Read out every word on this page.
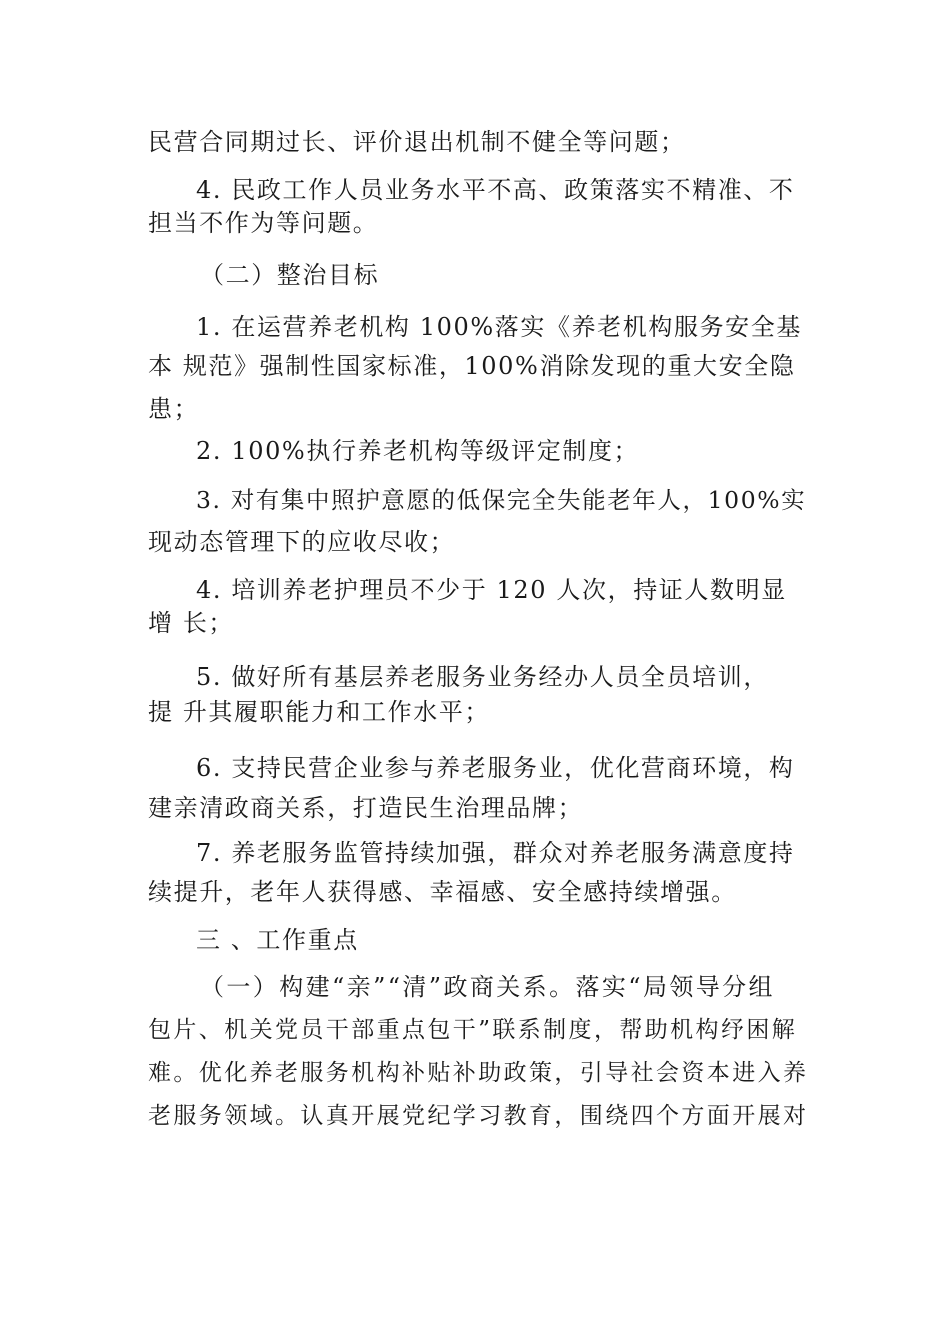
民营合同期过长、评价退出机制不健全等问题；
4. 民政工作人员业务水平不高、政策落实不精准、不
担当不作为等问题。
（二）整治目标
1. 在运营养老机构 100%落实《养老机构服务安全基
本 规范》强制性国家标准，100%消除发现的重大安全隐
患；
2. 100%执行养老机构等级评定制度；
3. 对有集中照护意愿的低保完全失能老年人，100%实
现动态管理下的应收尽收；
4. 培训养老护理员不少于 120 人次，持证人数明显
增 长；
5. 做好所有基层养老服务业务经办人员全员培训，
提 升其履职能力和工作水平；
6. 支持民营企业参与养老服务业，优化营商环境，构
建亲清政商关系，打造民生治理品牌；
7. 养老服务监管持续加强，群众对养老服务满意度持
续提升，老年人获得感、幸福感、安全感持续增强。
三 、工作重点
（一）构建“亲”“清”政商关系。落实“局领导分组
包片、机关党员干部重点包干”联系制度，帮助机构纾困解
难。优化养老服务机构补贴补助政策，引导社会资本进入养
老服务领域。认真开展党纪学习教育，围绕四个方面开展对
